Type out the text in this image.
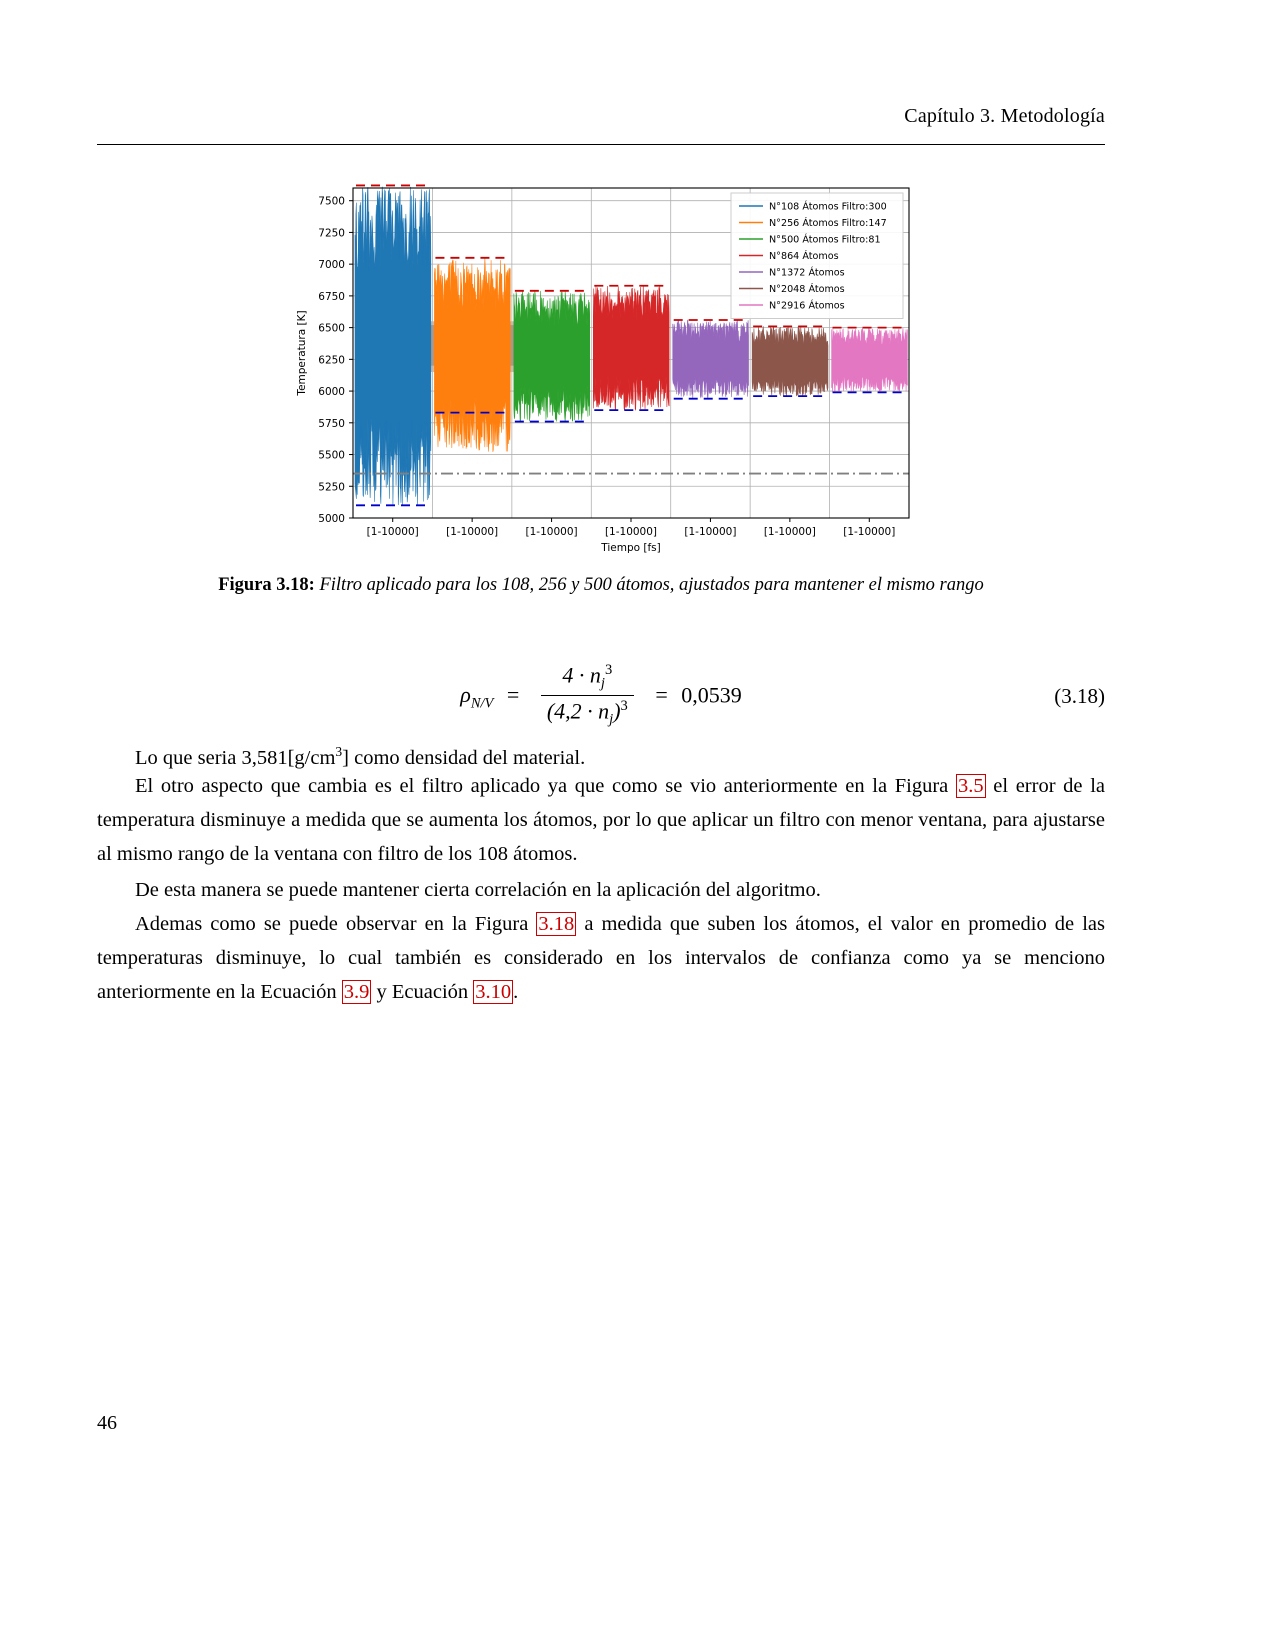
Capítulo 3. Metodología
5000
5250
5500
5750
6000
6250
6500
6750
7000
7250
7500
Temperatura [K]
[1-10000]	[1-10000]	[1-10000]	[1-10000]	[1-10000]	[1-10000]	[1-10000]
Tiempo [fs]
N°108 Átomos Filtro:300
N°256 Átomos Filtro:147
N°500 Átomos Filtro:81
N°864 Átomos
N°1372 Átomos
N°2048 Átomos
N°2916 Átomos
Figura 3.18: Filtro aplicado para los 108, 256 y 500 átomos, ajustados para mantener el mismo rango
$\rho_{N/V} = \frac{4 \cdot n_j^3}{(4,2 \cdot n_j)^3} = 0,0539$	(3.18)

Lo que seria $3,581[g/cm^3]$ como densidad del material.

El otro aspecto que cambia es el filtro aplicado ya que como se vio anteriormente en la Figura 3.5 el error de la temperatura disminuye a medida que se aumenta los átomos, por lo que aplicar un filtro con menor ventana, para ajustarse al mismo rango de la ventana con filtro de los 108 átomos.

De esta manera se puede mantener cierta correlación en la aplicación del algoritmo.

Ademas como se puede observar en la Figura 3.18 a medida que suben los átomos, el valor en promedio de las temperaturas disminuye, lo cual también es considerado en los intervalos de confianza como ya se menciono anteriormente en la Ecuación 3.9 y Ecuación 3.10.

46
